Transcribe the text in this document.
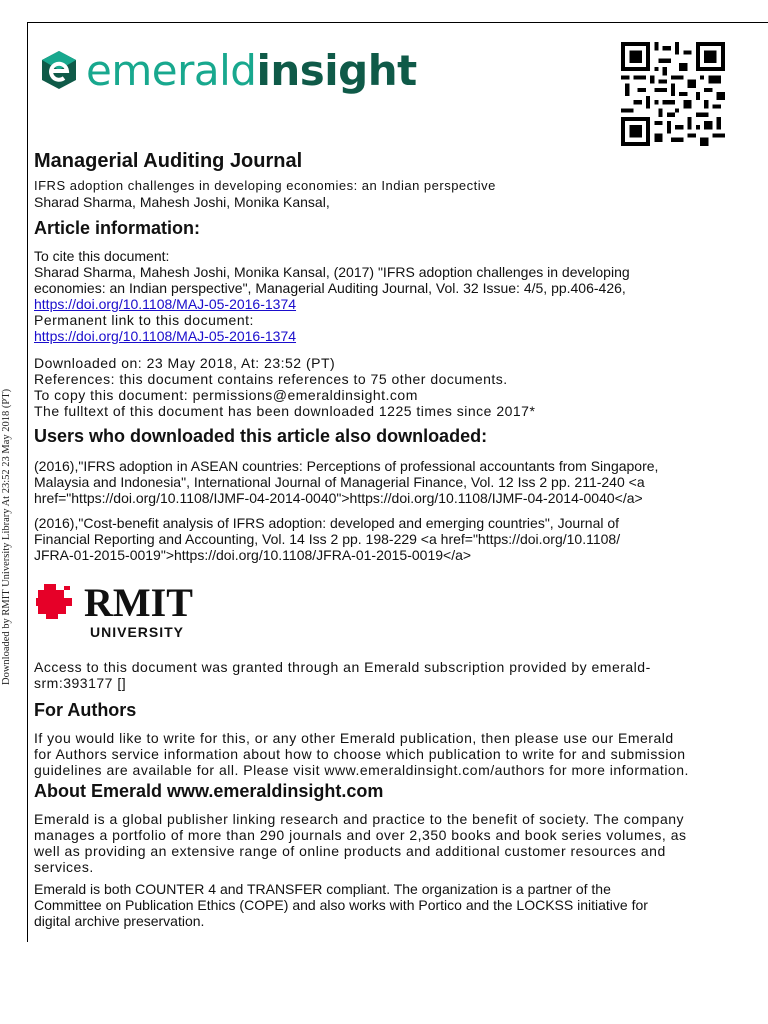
Downloaded by RMIT University Library At 23:52 23 May 2018 (PT)
emerald insight
Managerial Auditing Journal

IFRS adoption challenges in developing economies: an Indian perspective

Sharad Sharma, Mahesh Joshi, Monika Kansal,

Article information:

To cite this document:

Sharad Sharma, Mahesh Joshi, Monika Kansal, (2017) "IFRS adoption challenges in developing

economies: an Indian perspective", Managerial Auditing Journal, Vol. 32 Issue: 4/5, pp.406-426,

https://doi.org/10.1108/MAJ-05-2016-1374

Permanent link to this document:

https://doi.org/10.1108/MAJ-05-2016-1374

Downloaded on: 23 May 2018, At: 23:52 (PT)

References: this document contains references to 75 other documents.

To copy this document: permissions@emeraldinsight.com

The fulltext of this document has been downloaded 1225 times since 2017*

Users who downloaded this article also downloaded:

(2016),"IFRS adoption in ASEAN countries: Perceptions of professional accountants from Singapore,

Malaysia and Indonesia", International Journal of Managerial Finance, Vol. 12 Iss 2 pp. 211-240 <a

href="https://doi.org/10.1108/IJMF-04-2014-0040">https://doi.org/10.1108/IJMF-04-2014-0040</a>

(2016),"Cost-benefit analysis of IFRS adoption: developed and emerging countries", Journal of

Financial Reporting and Accounting, Vol. 14 Iss 2 pp. 198-229 <a href="https://doi.org/10.1108/

JFRA-01-2015-0019">https://doi.org/10.1108/JFRA-01-2015-0019</a>

RMIT
UNIVERSITY

Access to this document was granted through an Emerald subscription provided by emerald-

srm:393177 []

For Authors

If you would like to write for this, or any other Emerald publication, then please use our Emerald

for Authors service information about how to choose which publication to write for and submission

guidelines are available for all. Please visit www.emeraldinsight.com/authors for more information.

About Emerald www.emeraldinsight.com

Emerald is a global publisher linking research and practice to the benefit of society. The company

manages a portfolio of more than 290 journals and over 2,350 books and book series volumes, as

well as providing an extensive range of online products and additional customer resources and

services.

Emerald is both COUNTER 4 and TRANSFER compliant. The organization is a partner of the

Committee on Publication Ethics (COPE) and also works with Portico and the LOCKSS initiative for

digital archive preservation.
